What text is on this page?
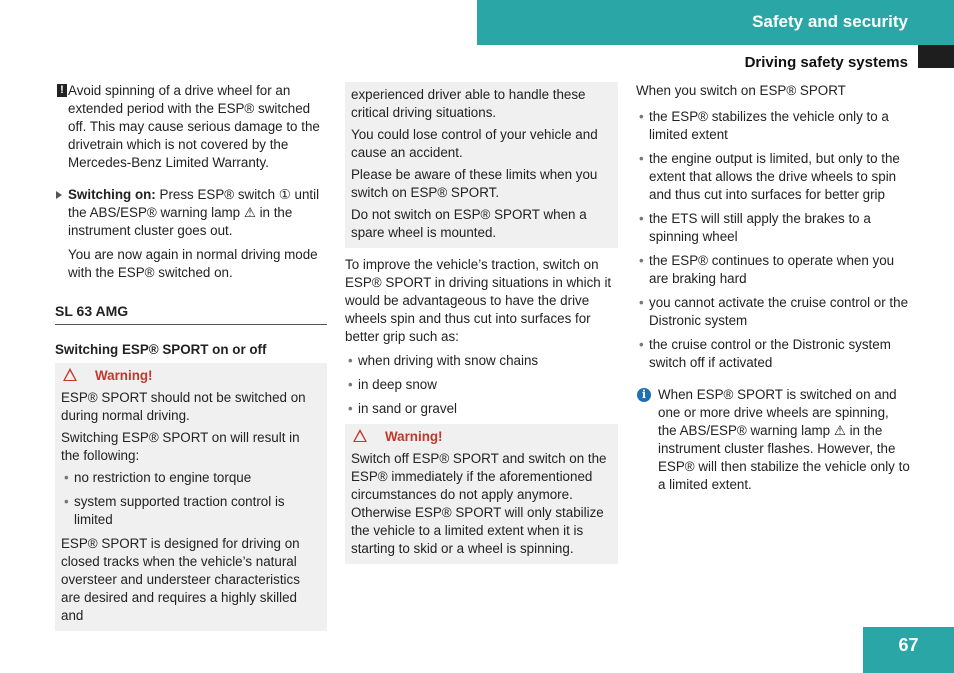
Safety and security
Driving safety systems
! Avoid spinning of a drive wheel for an extended period with the ESP® switched off. This may cause serious damage to the drivetrain which is not covered by the Mercedes-Benz Limited Warranty.

Switching on: Press ESP® switch ① until the ABS/ESP® warning lamp ⚠ in the instrument cluster goes out.

You are now again in normal driving mode with the ESP® switched on.

SL 63 AMG
Switching ESP® SPORT on or off
Warning!

ESP® SPORT should not be switched on during normal driving.

Switching ESP® SPORT on will result in the following:

• no restriction to engine torque
• system supported traction control is limited

ESP® SPORT is designed for driving on closed tracks when the vehicle’s natural oversteer and understeer characteristics are desired and requires a highly skilled and

experienced driver able to handle these critical driving situations.

You could lose control of your vehicle and cause an accident.

Please be aware of these limits when you switch on ESP® SPORT.

Do not switch on ESP® SPORT when a spare wheel is mounted.

To improve the vehicle’s traction, switch on ESP® SPORT in driving situations in which it would be advantageous to have the drive wheels spin and thus cut into surfaces for better grip such as:

• when driving with snow chains
• in deep snow
• in sand or gravel
Warning!

Switch off ESP® SPORT and switch on the ESP® immediately if the aforementioned circumstances do not apply anymore. Otherwise ESP® SPORT will only stabilize the vehicle to a limited extent when it is starting to skid or a wheel is spinning.

When you switch on ESP® SPORT

• the ESP® stabilizes the vehicle only to a limited extent
• the engine output is limited, but only to the extent that allows the drive wheels to spin and thus cut into surfaces for better grip
• the ETS will still apply the brakes to a spinning wheel
• the ESP® continues to operate when you are braking hard
• you cannot activate the cruise control or the Distronic system
• the cruise control or the Distronic system switch off if activated
i When ESP® SPORT is switched on and one or more drive wheels are spinning, the ABS/ESP® warning lamp ⚠ in the instrument cluster flashes. However, the ESP® will then stabilize the vehicle only to a limited extent.

67
